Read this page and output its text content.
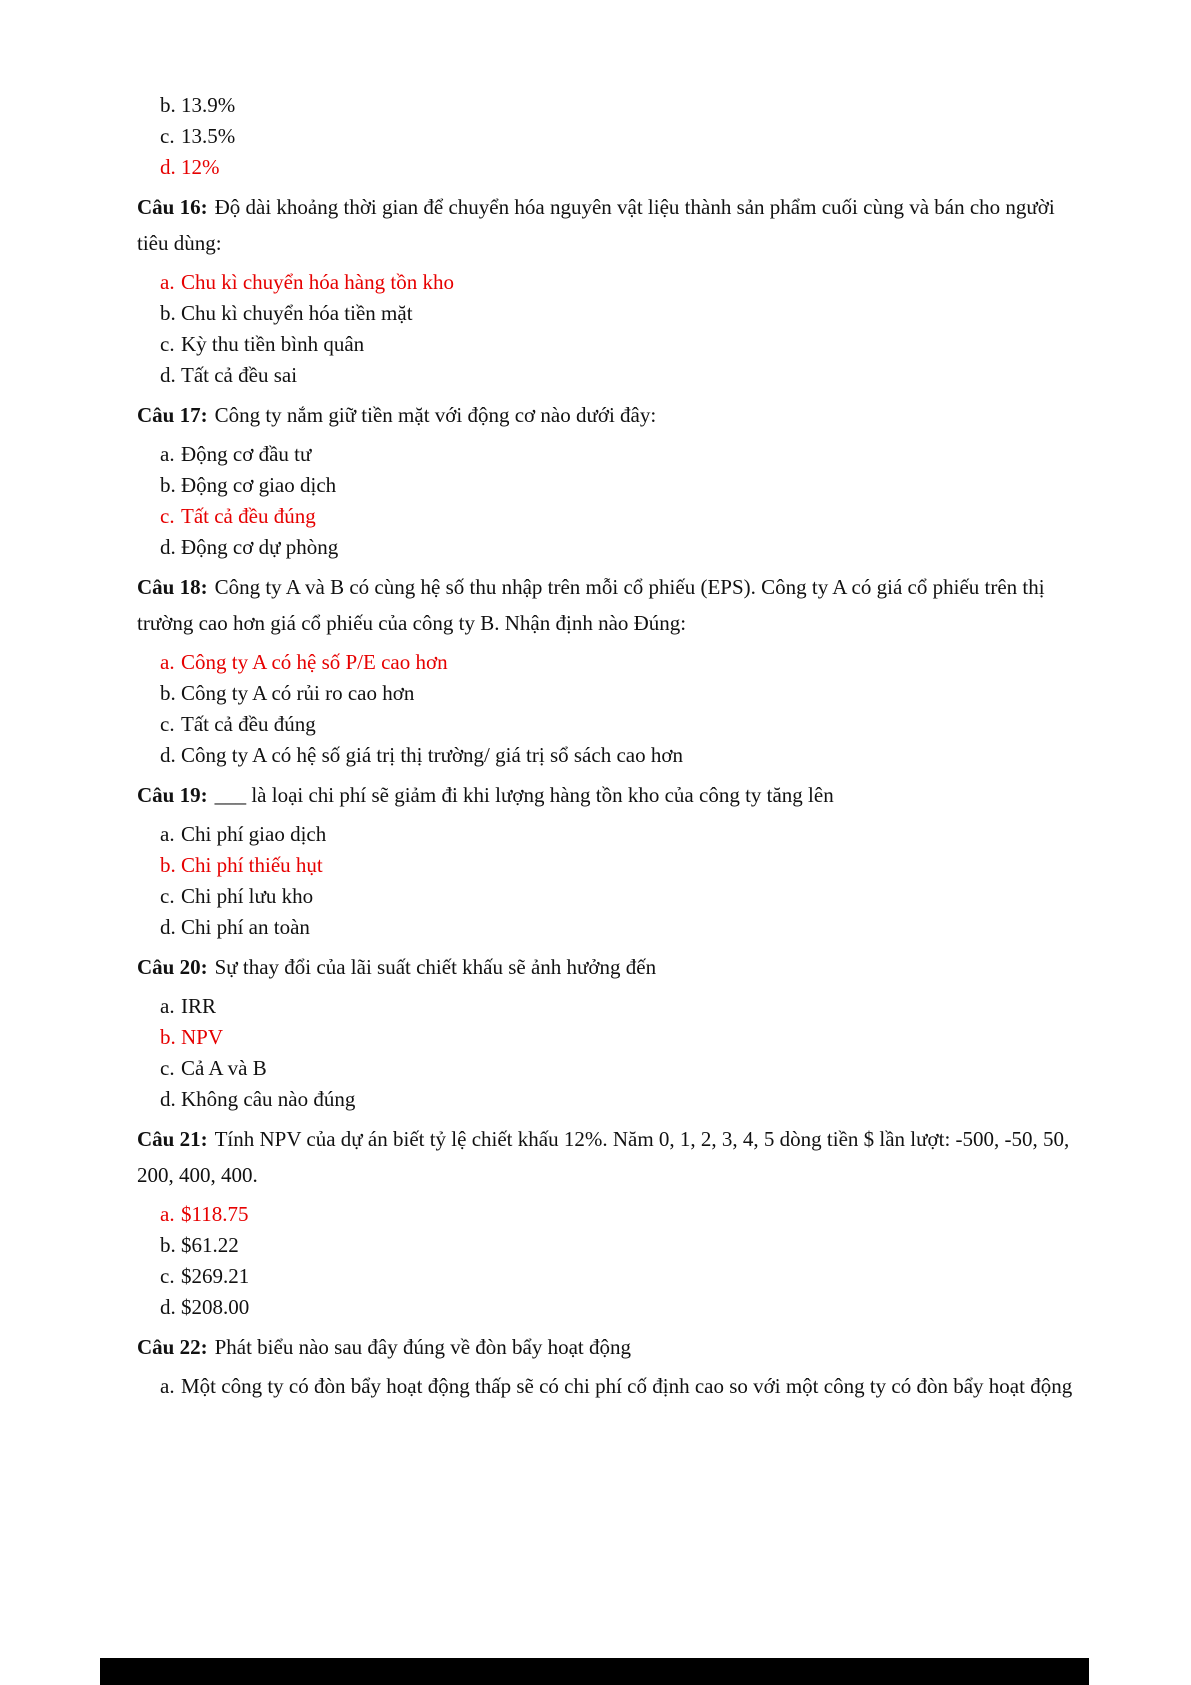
b. 13.9%
c. 13.5%
d. 12%

Câu 16: Độ dài khoảng thời gian để chuyển hóa nguyên vật liệu thành sản phẩm cuối cùng và bán cho người tiêu dùng:

a. Chu kì chuyển hóa hàng tồn kho
b. Chu kì chuyển hóa tiền mặt
c. Kỳ thu tiền bình quân
d. Tất cả đều sai

Câu 17: Công ty nắm giữ tiền mặt với động cơ nào dưới đây:

a. Động cơ đầu tư
b. Động cơ giao dịch
c. Tất cả đều đúng
d. Động cơ dự phòng

Câu 18: Công ty A và B có cùng hệ số thu nhập trên mỗi cổ phiếu (EPS). Công ty A có giá cổ phiếu trên thị trường cao hơn giá cổ phiếu của công ty B. Nhận định nào Đúng:

a. Công ty A có hệ số P/E cao hơn
b. Công ty A có rủi ro cao hơn
c. Tất cả đều đúng
d. Công ty A có hệ số giá trị thị trường/ giá trị sổ sách cao hơn

Câu 19: ___ là loại chi phí sẽ giảm đi khi lượng hàng tồn kho của công ty tăng lên

a. Chi phí giao dịch
b. Chi phí thiếu hụt
c. Chi phí lưu kho
d. Chi phí an toàn

Câu 20: Sự thay đổi của lãi suất chiết khấu sẽ ảnh hưởng đến

a. IRR
b. NPV
c. Cả A và B
d. Không câu nào đúng

Câu 21: Tính NPV của dự án biết tỷ lệ chiết khấu 12%. Năm 0, 1, 2, 3, 4, 5 dòng tiền $ lần lượt: -500, -50, 50, 200, 400, 400.

a. $118.75
b. $61.22
c. $269.21
d. $208.00

Câu 22: Phát biểu nào sau đây đúng về đòn bẩy hoạt động

a. Một công ty có đòn bẩy hoạt động thấp sẽ có chi phí cố định cao so với một công ty có đòn bẩy hoạt động
